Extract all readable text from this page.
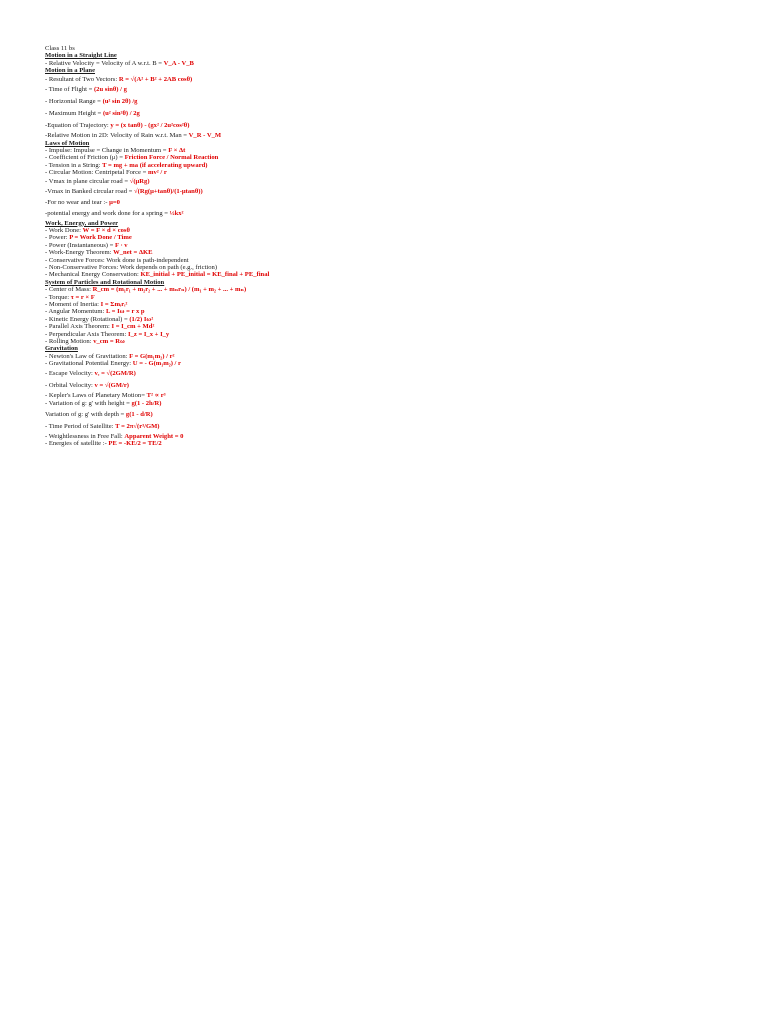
Class 11 bs
Motion in a Straight Line
- Relative Velocity = Velocity of A w.r.t. B = V_A - V_B
Motion in a Plane
- Resultant of Two Vectors: R = √(A² + B² + 2AB cosθ)
- Time of Flight = (2u sinθ) / g
- Horizontal Range = (u² sin 2θ) /g
- Maximum Height = (u² sin²θ) / 2g
-Equation of Trajectory: y = (x tanθ) - (gx² / 2u²cos²θ)
-Relative Motion in 2D: Velocity of Rain w.r.t. Man = V_R - V_M
Laws of Motion
- Impulse: Impulse = Change in Momentum = F × Δt
- Coefficient of Friction (μ) = Friction Force / Normal Reaction
- Tension in a String: T = mg + ma (if accelerating upward)
- Circular Motion: Centripetal Force = mv² / r
- Vmax in plane circular road = √(μRg)
-Vmax in Banked circular road = √(Rg(μ+tanθ)/(1-μtanθ))
-For no wear and tear :- μ=0
-potential energy and work done for a spring = ½kx²
Work, Energy, and Power
- Work Done: W = F × d × cosθ
- Power: P = Work Done / Time
- Power (Instantaneous) = F · v
- Work-Energy Theorem: W_net = ΔKE
- Conservative Forces: Work done is path-independent
- Non-Conservative Forces: Work depends on path (e.g., friction)
- Mechanical Energy Conservation: KE_initial + PE_initial = KE_final + PE_final
System of Particles and Rotational Motion
- Center of Mass: R_cm = (m₁r₁ + m₂r₂ + ... + mₙrₙ) / (m₁ + m₂ + ... + mₙ)
- Torque: τ = r × F
- Moment of Inertia: I = Σmᵢrᵢ²
- Angular Momentum: L = Iω = r x p
- Kinetic Energy (Rotational) = (1/2) Iω²
- Parallel Axis Theorem: I = I_cm + Md²
- Perpendicular Axis Theorem: I_z = I_x + I_y
- Rolling Motion: v_cm = Rω
Gravitation
- Newton's Law of Gravitation: F = G(m₁m₂) / r²
- Gravitational Potential Energy: U = - G(m₁m₂) / r
- Escape Velocity: vₑ = √(2GM/R)
- Orbital Velocity: v = √(GM/r)
- Kepler's Laws of Planetary Motion= T² ∝ r³
- Variation of g: g' with height = g(1 - 2h/R)
Variation of g: g' with depth = g(1 - d/R)
- Time Period of Satellite: T = 2π√(r³/GM)
- Weightlessness in Free Fall: Apparent Weight = 0
- Energies of satellite :- PE = -KE/2 = TE/2
